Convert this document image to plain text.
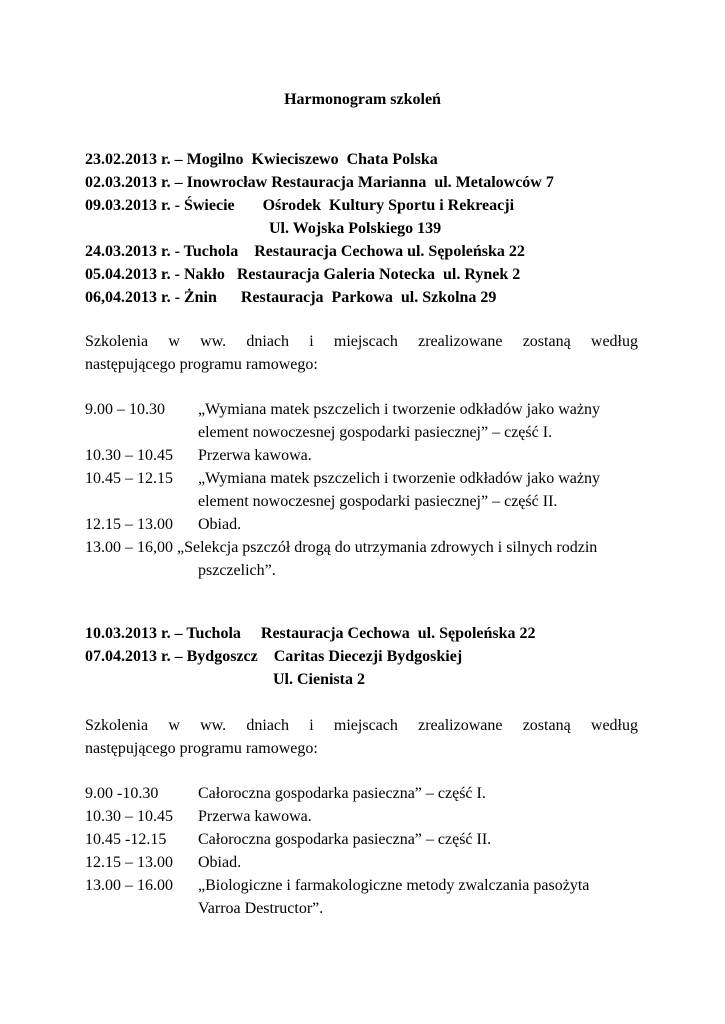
Harmonogram szkoleń
23.02.2013 r. – Mogilno  Kwieciszewo  Chata Polska
02.03.2013 r. – Inowrocław Restauracja Marianna  ul. Metalowców 7
09.03.2013 r. - Świecie       Ośrodek  Kultury Sportu i Rekreacji
Ul. Wojska Polskiego 139
24.03.2013 r. - Tuchola    Restauracja Cechowa ul. Sępoleńska 22
05.04.2013 r. - Nakło   Restauracja Galeria Notecka  ul. Rynek 2
06,04.2013 r. - Żnin      Restauracja  Parkowa  ul. Szkolna 29
Szkolenia w ww. dniach i miejscach zrealizowane zostaną według
następującego programu ramowego:
9.00 – 10.30	„Wymiana matek pszczelich i tworzenie odkładów jako ważny
element nowoczesnej gospodarki pasiecznej” – część I.
10.30 – 10.45	Przerwa kawowa.
10.45 – 12.15	„Wymiana matek pszczelich i tworzenie odkładów jako ważny
element nowoczesnej gospodarki pasiecznej” – część II.
12.15 – 13.00	Obiad.
13.00 – 16,00 „Selekcja pszczół drogą do utrzymania zdrowych i silnych rodzin
pszczelich”.
10.03.2013 r. – Tuchola     Restauracja Cechowa  ul. Sępoleńska 22
07.04.2013 r. – Bydgoszcz    Caritas Diecezji Bydgoskiej
Ul. Cienista 2
Szkolenia w ww. dniach i miejscach zrealizowane zostaną według
następującego programu ramowego:
9.00 -10.30	Całoroczna gospodarka pasieczna” – część I.
10.30 – 10.45	Przerwa kawowa.
10.45 -12.15	Całoroczna gospodarka pasieczna” – część II.
12.15 – 13.00	Obiad.
13.00 – 16.00	„Biologiczne i farmakologiczne metody zwalczania pasożyta
Varroa Destructor”.
